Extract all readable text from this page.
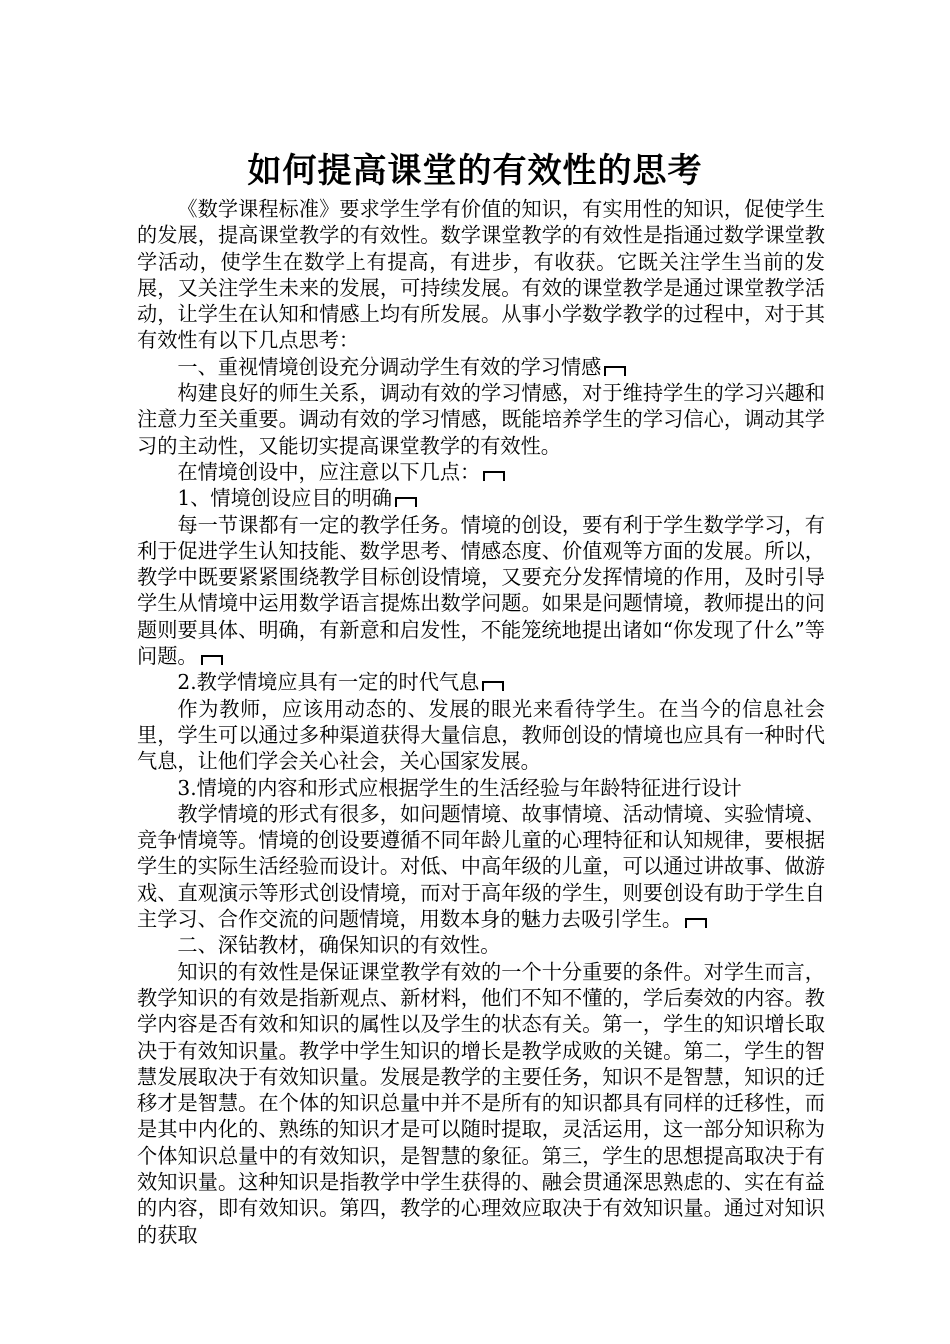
如何提高课堂的有效性的思考

《数学课程标准》要求学生学有价值的知识，有实用性的知识，促使学生的发展，提高课堂教学的有效性。数学课堂教学的有效性是指通过数学课堂教学活动，使学生在数学上有提高，有进步，有收获。它既关注学生当前的发展，又关注学生未来的发展，可持续发展。有效的课堂教学是通过课堂教学活动，让学生在认知和情感上均有所发展。从事小学数学教学的过程中，对于其有效性有以下几点思考：

一、重视情境创设充分调动学生有效的学习情感

构建良好的师生关系，调动有效的学习情感，对于维持学生的学习兴趣和注意力至关重要。调动有效的学习情感，既能培养学生的学习信心，调动其学习的主动性，又能切实提高课堂教学的有效性。

在情境创设中，应注意以下几点：

1、情境创设应目的明确

每一节课都有一定的教学任务。情境的创设，要有利于学生数学学习，有利于促进学生认知技能、数学思考、情感态度、价值观等方面的发展。所以，教学中既要紧紧围绕教学目标创设情境，又要充分发挥情境的作用，及时引导学生从情境中运用数学语言提炼出数学问题。如果是问题情境，教师提出的问题则要具体、明确，有新意和启发性，不能笼统地提出诸如“你发现了什么”等问题。

2.教学情境应具有一定的时代气息

作为教师，应该用动态的、发展的眼光来看待学生。在当今的信息社会里，学生可以通过多种渠道获得大量信息，教师创设的情境也应具有一种时代气息，让他们学会关心社会，关心国家发展。

3.情境的内容和形式应根据学生的生活经验与年龄特征进行设计

教学情境的形式有很多，如问题情境、故事情境、活动情境、实验情境、竞争情境等。情境的创设要遵循不同年龄儿童的心理特征和认知规律，要根据学生的实际生活经验而设计。对低、中高年级的儿童，可以通过讲故事、做游戏、直观演示等形式创设情境，而对于高年级的学生，则要创设有助于学生自主学习、合作交流的问题情境，用数本身的魅力去吸引学生。

二、深钻教材，确保知识的有效性。

知识的有效性是保证课堂教学有效的一个十分重要的条件。对学生而言，教学知识的有效是指新观点、新材料，他们不知不懂的，学后奏效的内容。教学内容是否有效和知识的属性以及学生的状态有关。第一，学生的知识增长取决于有效知识量。教学中学生知识的增长是教学成败的关键。第二，学生的智慧发展取决于有效知识量。发展是教学的主要任务，知识不是智慧，知识的迁移才是智慧。在个体的知识总量中并不是所有的知识都具有同样的迁移性，而是其中内化的、熟练的知识才是可以随时提取，灵活运用，这一部分知识称为个体知识总量中的有效知识，是智慧的象征。第三，学生的思想提高取决于有效知识量。这种知识是指教学中学生获得的、融会贯通深思熟虑的、实在有益的内容，即有效知识。第四，教学的心理效应取决于有效知识量。通过对知识的获取
